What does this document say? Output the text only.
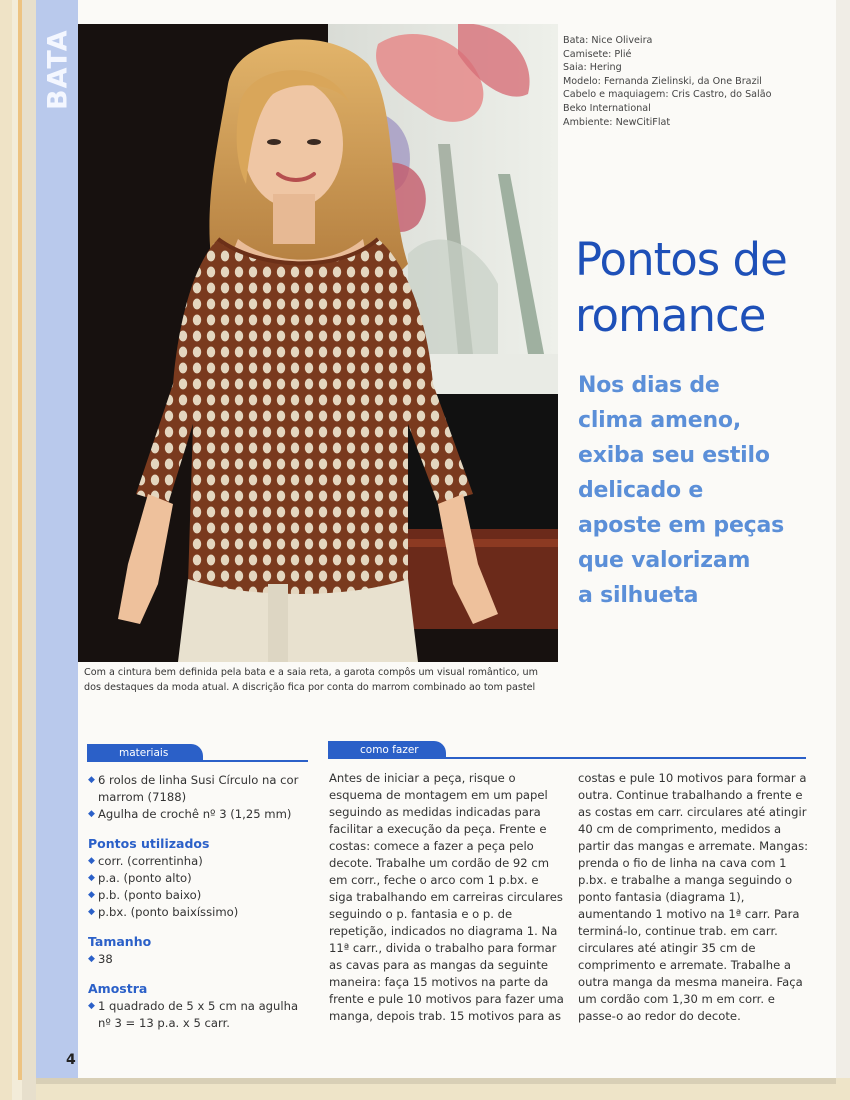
BATA
4
Com a cintura bem definida pela bata e a saia reta, a garota compôs um visual romântico, um
dos destaques da moda atual. A discrição fica por conta do marrom combinado ao tom pastel
Bata: Nice Oliveira
Camisete: Plié
Saia: Hering
Modelo: Fernanda Zielinski, da One Brazil
Cabelo e maquiagem: Cris Castro, do Salão
Beko International
Ambiente: NewCitiFlat
Pontos de
romance
Nos dias de
clima ameno,
exiba seu estilo
delicado e
aposte em peças
que valorizam
a silhueta
materiais
◆ 6 rolos de linha Susi Círculo na cor
marrom (7188)
◆ Agulha de crochê nº 3 (1,25 mm)
Pontos utilizados
◆ corr. (correntinha)
◆ p.a. (ponto alto)
◆ p.b. (ponto baixo)
◆ p.bx. (ponto baixíssimo)
Tamanho
◆ 38
Amostra
◆ 1 quadrado de 5 x 5 cm na agulha
nº 3 = 13 p.a. x 5 carr.
como fazer
Antes de iniciar a peça, risque o
esquema de montagem em um papel
seguindo as medidas indicadas para
facilitar a execução da peça. Frente e
costas: comece a fazer a peça pelo
decote. Trabalhe um cordão de 92 cm
em corr., feche o arco com 1 p.bx. e
siga trabalhando em carreiras circulares
seguindo o p. fantasia e o p. de
repetição, indicados no diagrama 1. Na
11ª carr., divida o trabalho para formar
as cavas para as mangas da seguinte
maneira: faça 15 motivos na parte da
frente e pule 10 motivos para fazer uma
manga, depois trab. 15 motivos para as
costas e pule 10 motivos para formar a
outra. Continue trabalhando a frente e
as costas em carr. circulares até atingir
40 cm de comprimento, medidos a
partir das mangas e arremate. Mangas:
prenda o fio de linha na cava com 1
p.bx. e trabalhe a manga seguindo o
ponto fantasia (diagrama 1),
aumentando 1 motivo na 1ª carr. Para
terminá-lo, continue trab. em carr.
circulares até atingir 35 cm de
comprimento e arremate. Trabalhe a
outra manga da mesma maneira. Faça
um cordão com 1,30 m em corr. e
passe-o ao redor do decote.
